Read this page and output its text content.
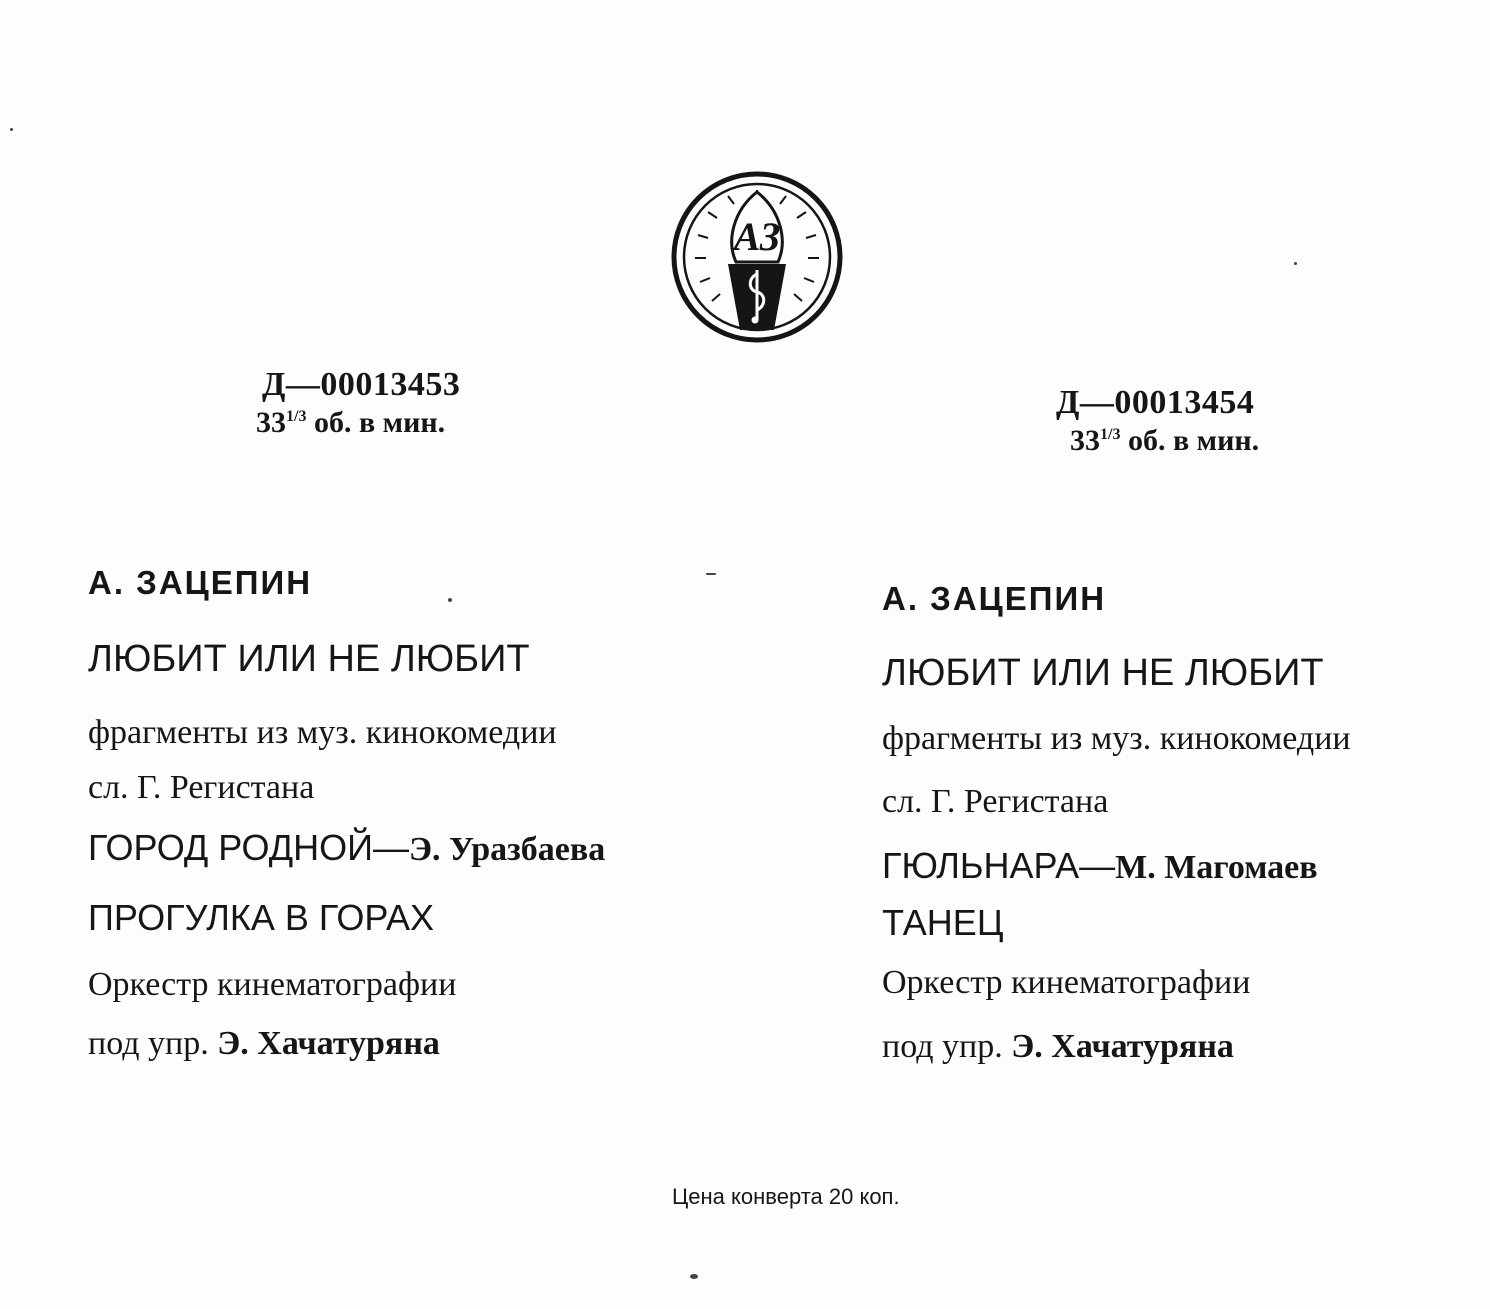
АЗ
Д—00013453
$33^{1/3}$ об. в мин.
Д—00013454
$33^{1/3}$ об. в мин.
А. ЗАЦЕПИН
ЛЮБИТ ИЛИ НЕ ЛЮБИТ
фрагменты из муз. кинокомедии
сл. Г. Регистана
ГОРОД РОДНОЙ—Э. Уразбаева
ПРОГУЛКА В ГОРАХ
Оркестр кинематографии
под упр. Э. Хачатуряна
А. ЗАЦЕПИН
ЛЮБИТ ИЛИ НЕ ЛЮБИТ
фрагменты из муз. кинокомедии
сл. Г. Регистана
ГЮЛЬНАРА—М. Магомаев
ТАНЕЦ
Оркестр кинематографии
под упр. Э. Хачатуряна
Цена конверта 20 коп.
